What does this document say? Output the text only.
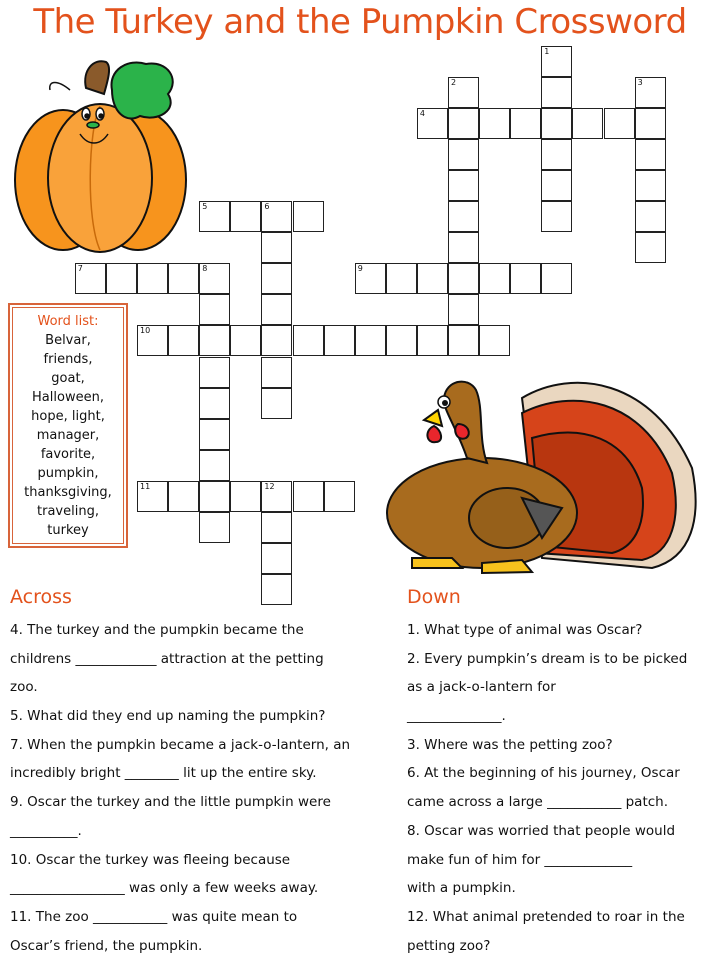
The Turkey and the Pumpkin Crossword
1
2	3
4
5	6
7	8	9
10
11	12
Word list:
Belvar,
friends,
goat,
Halloween,
hope, light,
manager,
favorite,
pumpkin,
thanksgiving,
traveling,
turkey
Across
4. The turkey and the pumpkin became the
childrens ____________ attraction at the petting
zoo.
5. What did they end up naming the pumpkin?
7. When the pumpkin became a jack-o-lantern, an
incredibly bright ________ lit up the entire sky.
9. Oscar the turkey and the little pumpkin were
__________.
10. Oscar the turkey was fleeing because
_________________ was only a few weeks away.
11. The zoo ___________ was quite mean to
Oscar’s friend, the pumpkin.
Down
1. What type of animal was Oscar?
2. Every pumpkin’s dream is to be picked
as a jack-o-lantern for
______________.
3. Where was the petting zoo?
6. At the beginning of his journey, Oscar
came across a large ___________ patch.
8. Oscar was worried that people would
make fun of him for _____________
with a pumpkin.
12. What animal pretended to roar in the
petting zoo?
